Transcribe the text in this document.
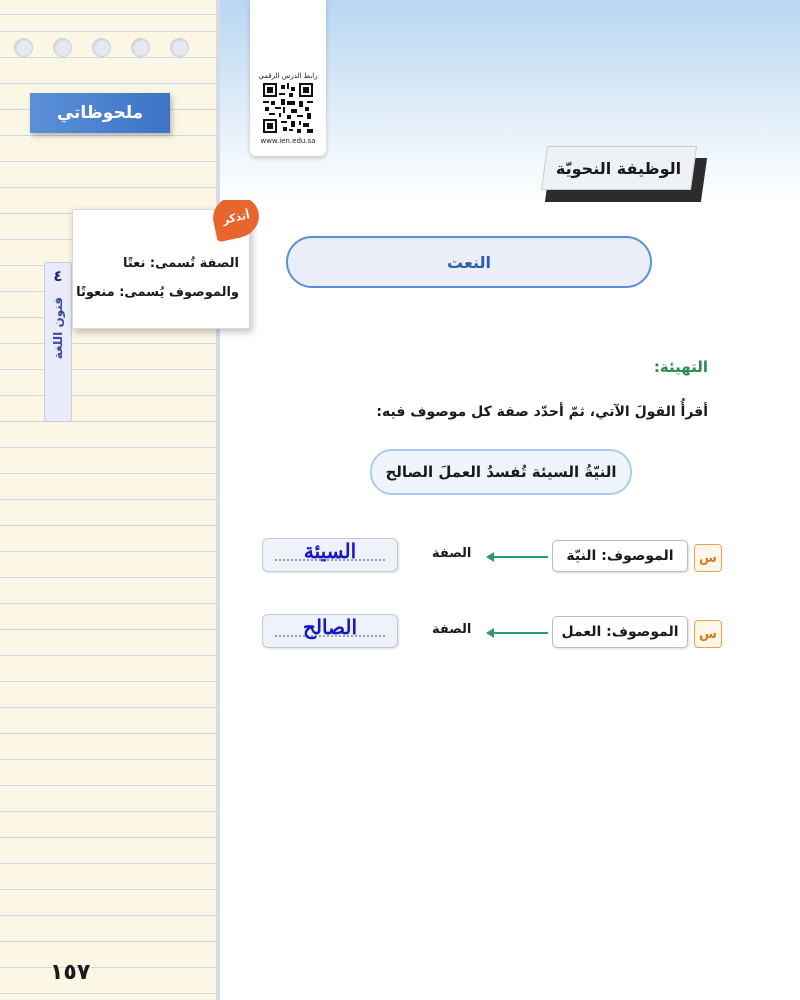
ملحوظاتي
٤
فنون اللغة
١٥٧
أتذكر
الصفة تُسمى: نعتًا
والموصوف يُسمى: منعوتًا
رابط الدرس الرقمي
www.ien.edu.sa
الوظيفة النحويّة
النعت
التهيئة:
أقرأُ القولَ الآتي، ثمّ أحدّد صفة كل موصوف فيه:
النيّةُ السيئة تُفسدُ العملَ الصالح
س
الموصوف: النيّة
الصفة
السيئة
س
الموصوف: العمل
الصفة
الصالح
